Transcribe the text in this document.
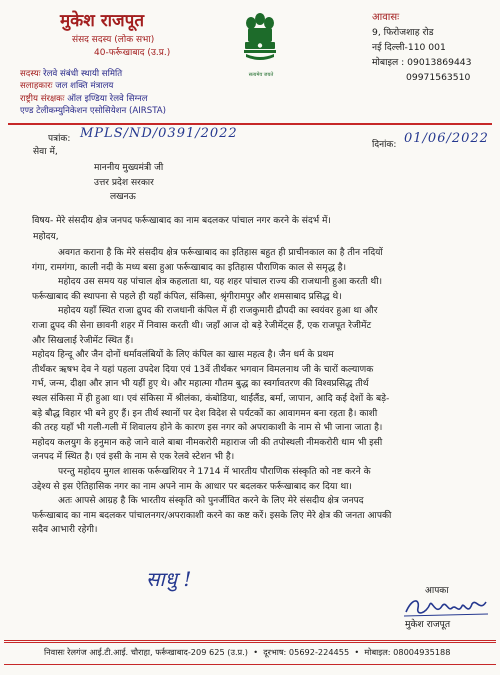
मुकेश राजपूत
संसद सदस्य (लोक सभा)
40-फर्रूखाबाद (उ.प्र.)
सदस्यः रेलवे संबंधी स्थायी समिति
सलाहकारः जल शक्ति मंत्रालय
राष्ट्रीय संरक्षकः ऑल इण्डिया रेलवे सिग्नल
एण्ड टेलीकम्युनिकेशन एसोसियेशन (AIRSTA)
सत्यमेव जयते
आवासः
9, फिरोजशाह रोड
नई दिल्ली-110 001
मोबाइल : 09013869443
09971563510
पत्रांक: MPLS/ND/0391/2022
दिनांक: 01/06/2022
सेवा में,
माननीय मुख्यमंत्री जी
उत्तर प्रदेश सरकार
लखनऊ
विषय- मेरे संसदीय क्षेत्र जनपद फर्रूखाबाद का नाम बदलकर पांचाल नगर करने के संदर्भ में।
महोदय,
अवगत कराना है कि मेरे संसदीय क्षेत्र फर्रूखाबाद का इतिहास बहुत ही प्राचीनकाल का है तीन नदियों
गंगा, रामगंगा, काली नदी के मध्य बसा हुआ फर्रूखाबाद का इतिहास पौराणिक काल से समृद्ध है।
महोदय उस समय यह पांचाल क्षेत्र कहलाता था, यह शहर पांचाल राज्य की राजधानी हुआ करती थी।
फर्रूखाबाद की स्थापना से पहले ही यहाँ कंपिल, संकिसा, श्रृंगीरामपुर और शमसाबाद प्रसिद्ध थे।
महोदय यहाँ स्थित राजा द्रुपद की राजधानी कंपिल में ही राजकुमारी द्रौपदी का स्वयंवर हुआ था और
राजा द्रुपद की सेना छावनी शहर में निवास करती थी। जहाँ आज दो बड़े रेजीमेंट्स हैं, एक राजपूत रेजीमेंट
और सिखलाई रेजीमेंट स्थित हैं।
महोदय हिन्दू और जैन दोनों धर्मावलंबियों के लिए कंपिल का खास महत्व है। जैन धर्म के प्रथम
तीर्थंकर ऋषभ देव ने यहां पहला उपदेश दिया एवं 13वें तीर्थंकर भगवान विमलनाथ जी के चारों कल्याणक
गर्भ, जन्म, दीक्षा और ज्ञान भी यहीं हुए थे। और महात्मा गौतम बुद्ध का स्वर्गावतरण की विश्वप्रसिद्ध तीर्थ
स्थल संकिसा में ही हुआ था। एवं संकिसा में श्रीलंका, कंबोडिया, थाईलैंड, बर्मा, जापान, आदि कई देशों के बड़े-
बड़े बौद्ध विहार भी बने हुए हैं। इन तीर्थ स्थानों पर देश विदेश से पर्यटकों का आवागमन बना रहता है। काशी
की तरह यहाँ भी गली-गली में शिवालय होने के कारण इस नगर को अपराकाशी के नाम से भी जाना जाता है।
महोदय कलयुग के हनुमान कहे जाने वाले बाबा नीमकरोरी महाराज जी की तपोस्थली नीमकरोरी धाम भी इसी
जनपद में स्थित है। एवं इसी के नाम से एक रेलवे स्टेशन भी है।
परन्तु महोदय मुगल शासक फर्रूखशियर ने 1714 में भारतीय पौराणिक संस्कृति को नष्ट करने के
उद्देश्य से इस ऐतिहासिक नगर का नाम अपने नाम के आधार पर बदलकर फर्रूखाबाद कर दिया था।
अतः आपसे आग्रह है कि भारतीय संस्कृति को पुनर्जीवित करने के लिए मेरे संसदीय क्षेत्र जनपद
फर्रूखाबाद का नाम बदलकर पांचालनगर/अपराकाशी करने का कष्ट करें। इसके लिए मेरे क्षेत्र की जनता आपकी
सदैव आभारी रहेगी।
साधु !	आपका
मुकेश राजपूत
निवासः रेलगंज आई.टी.आई. चौराहा, फर्रूखाबाद-209 625 (उ.प्र.)  •  दूरभाष: 05692-224455  •  मोबाइल: 08004935188
